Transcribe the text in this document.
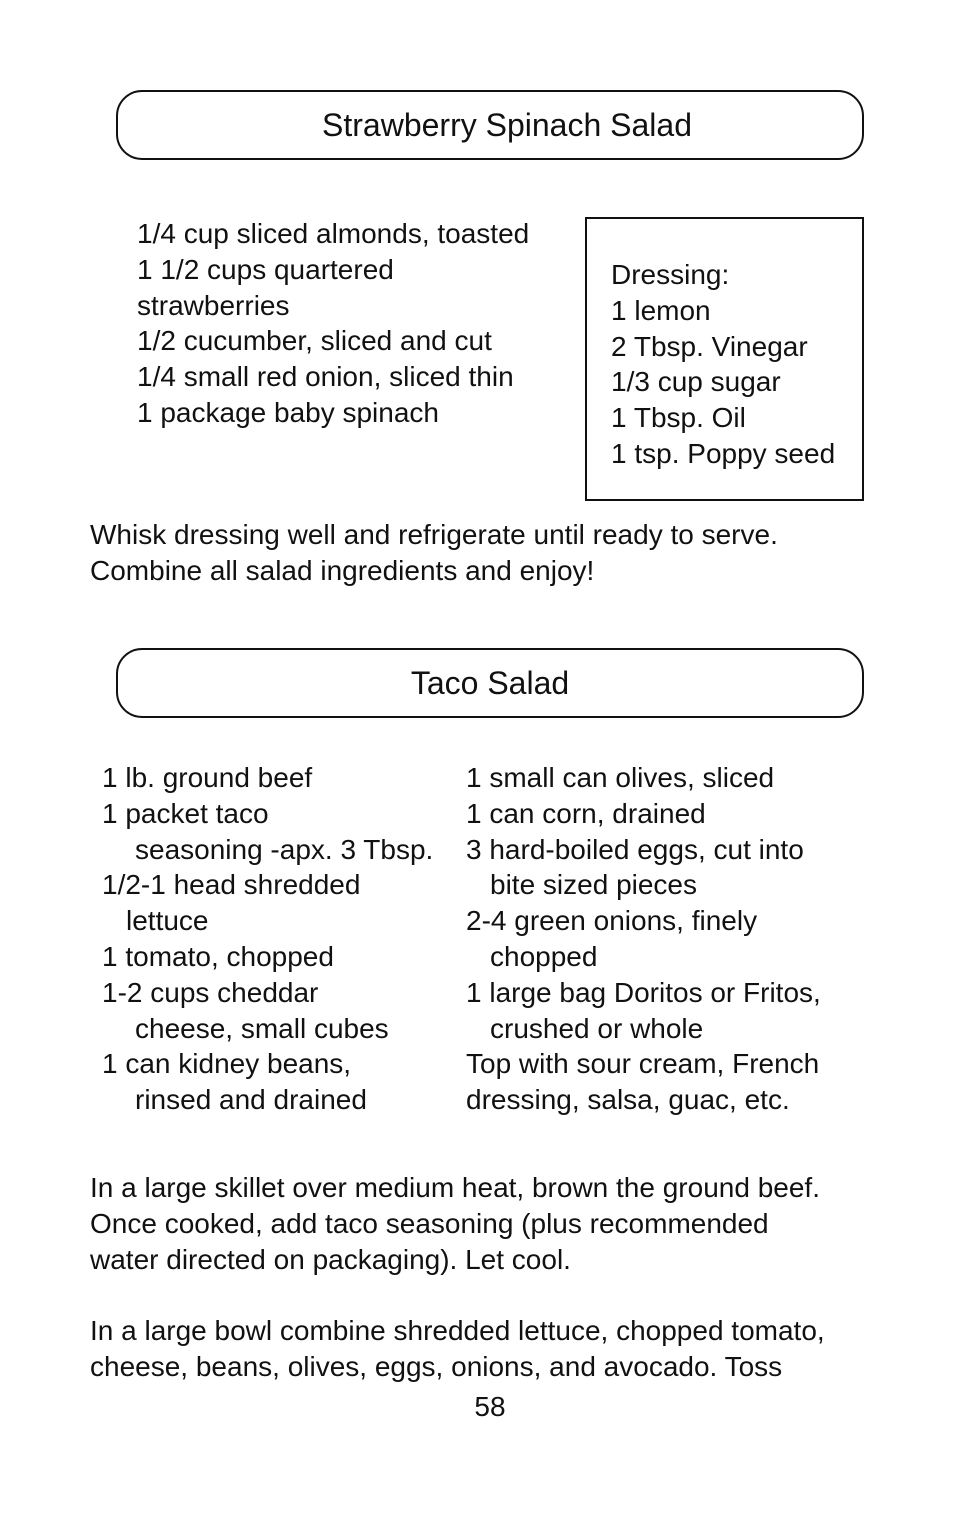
Strawberry Spinach Salad
1/4 cup sliced almonds, toasted
1 1/2 cups quartered
strawberries
1/2 cucumber, sliced and cut
1/4 small red onion, sliced thin
1 package baby spinach
Dressing:
1 lemon
2 Tbsp. Vinegar
1/3 cup sugar
1 Tbsp. Oil
1 tsp. Poppy seed

Whisk dressing well and refrigerate until ready to serve.

Combine all salad ingredients and enjoy!

Taco Salad
1 lb. ground beef
1 packet taco
seasoning -apx. 3 Tbsp.
1/2-1 head shredded
lettuce
1 tomato, chopped
1-2 cups cheddar
cheese, small cubes
1 can kidney beans,
rinsed and drained
1 small can olives, sliced
1 can corn, drained
3 hard-boiled eggs, cut into
bite sized pieces
2-4 green onions, finely
chopped
1 large bag Doritos or Fritos,
crushed or whole
Top with sour cream, French
dressing, salsa, guac, etc.

In a large skillet over medium heat, brown the ground beef.

Once cooked, add taco seasoning (plus recommended

water directed on packaging). Let cool.

In a large bowl combine shredded lettuce, chopped tomato,

cheese, beans, olives, eggs, onions, and avocado. Toss

58
